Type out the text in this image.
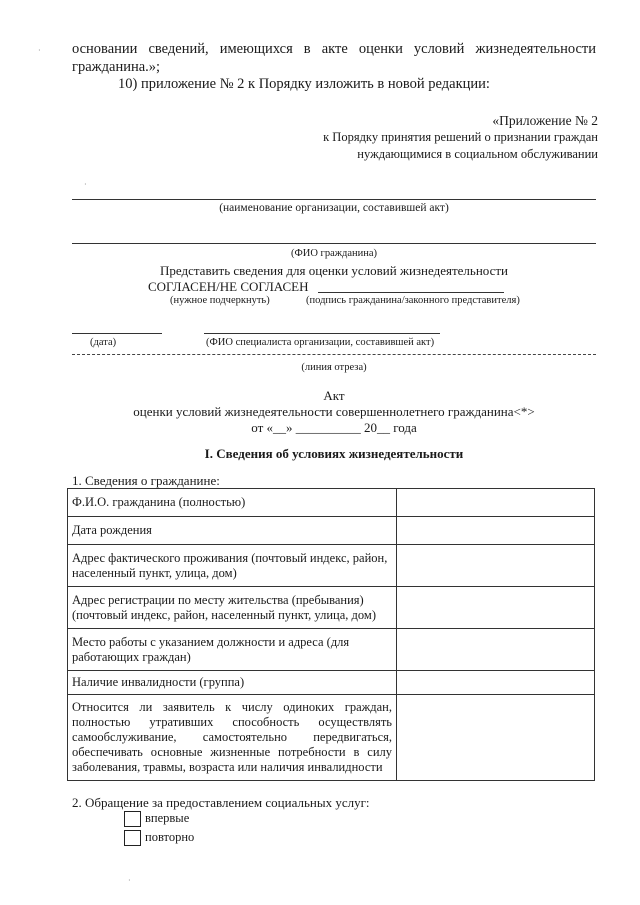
·
·
·
основании сведений, имеющихся в акте оценки условий жизнедеятельности
гражданина.»;
10) приложение № 2 к Порядку изложить в новой редакции:
«Приложение № 2
к Порядку принятия решений о признании граждан
нуждающимися в социальном обслуживании
(наименование организации, составившей акт)
(ФИО гражданина)
Представить сведения для оценки условий жизнедеятельности
СОГЛАСЕН/НЕ СОГЛАСЕН
(нужное подчеркнуть)	(подпись гражданина/законного представителя)
(дата)	(ФИО специалиста организации, составившей акт)
(линия отреза)
Акт
оценки условий жизнедеятельности совершеннолетнего гражданина<*>
от «__» __________ 20__ года
I. Сведения об условиях жизнедеятельности
1. Сведения о гражданине:
Ф.И.О. гражданина (полностью)	
Дата рождения	
Адрес фактического проживания (почтовый индекс, район, населенный пункт, улица, дом)	
Адрес регистрации по месту жительства (пребывания) (почтовый индекс, район, населенный пункт, улица, дом)	
Место работы с указанием должности и адреса (для работающих граждан)	
Наличие инвалидности (группа)	
Относится ли заявитель к числу одиноких граждан, полностью утративших способность осуществлять самообслуживание, самостоятельно передвигаться, обеспечивать основные жизненные потребности в силу заболевания, травмы, возраста или наличия инвалидности	
2. Обращение за предоставлением социальных услуг:
впервые
повторно
